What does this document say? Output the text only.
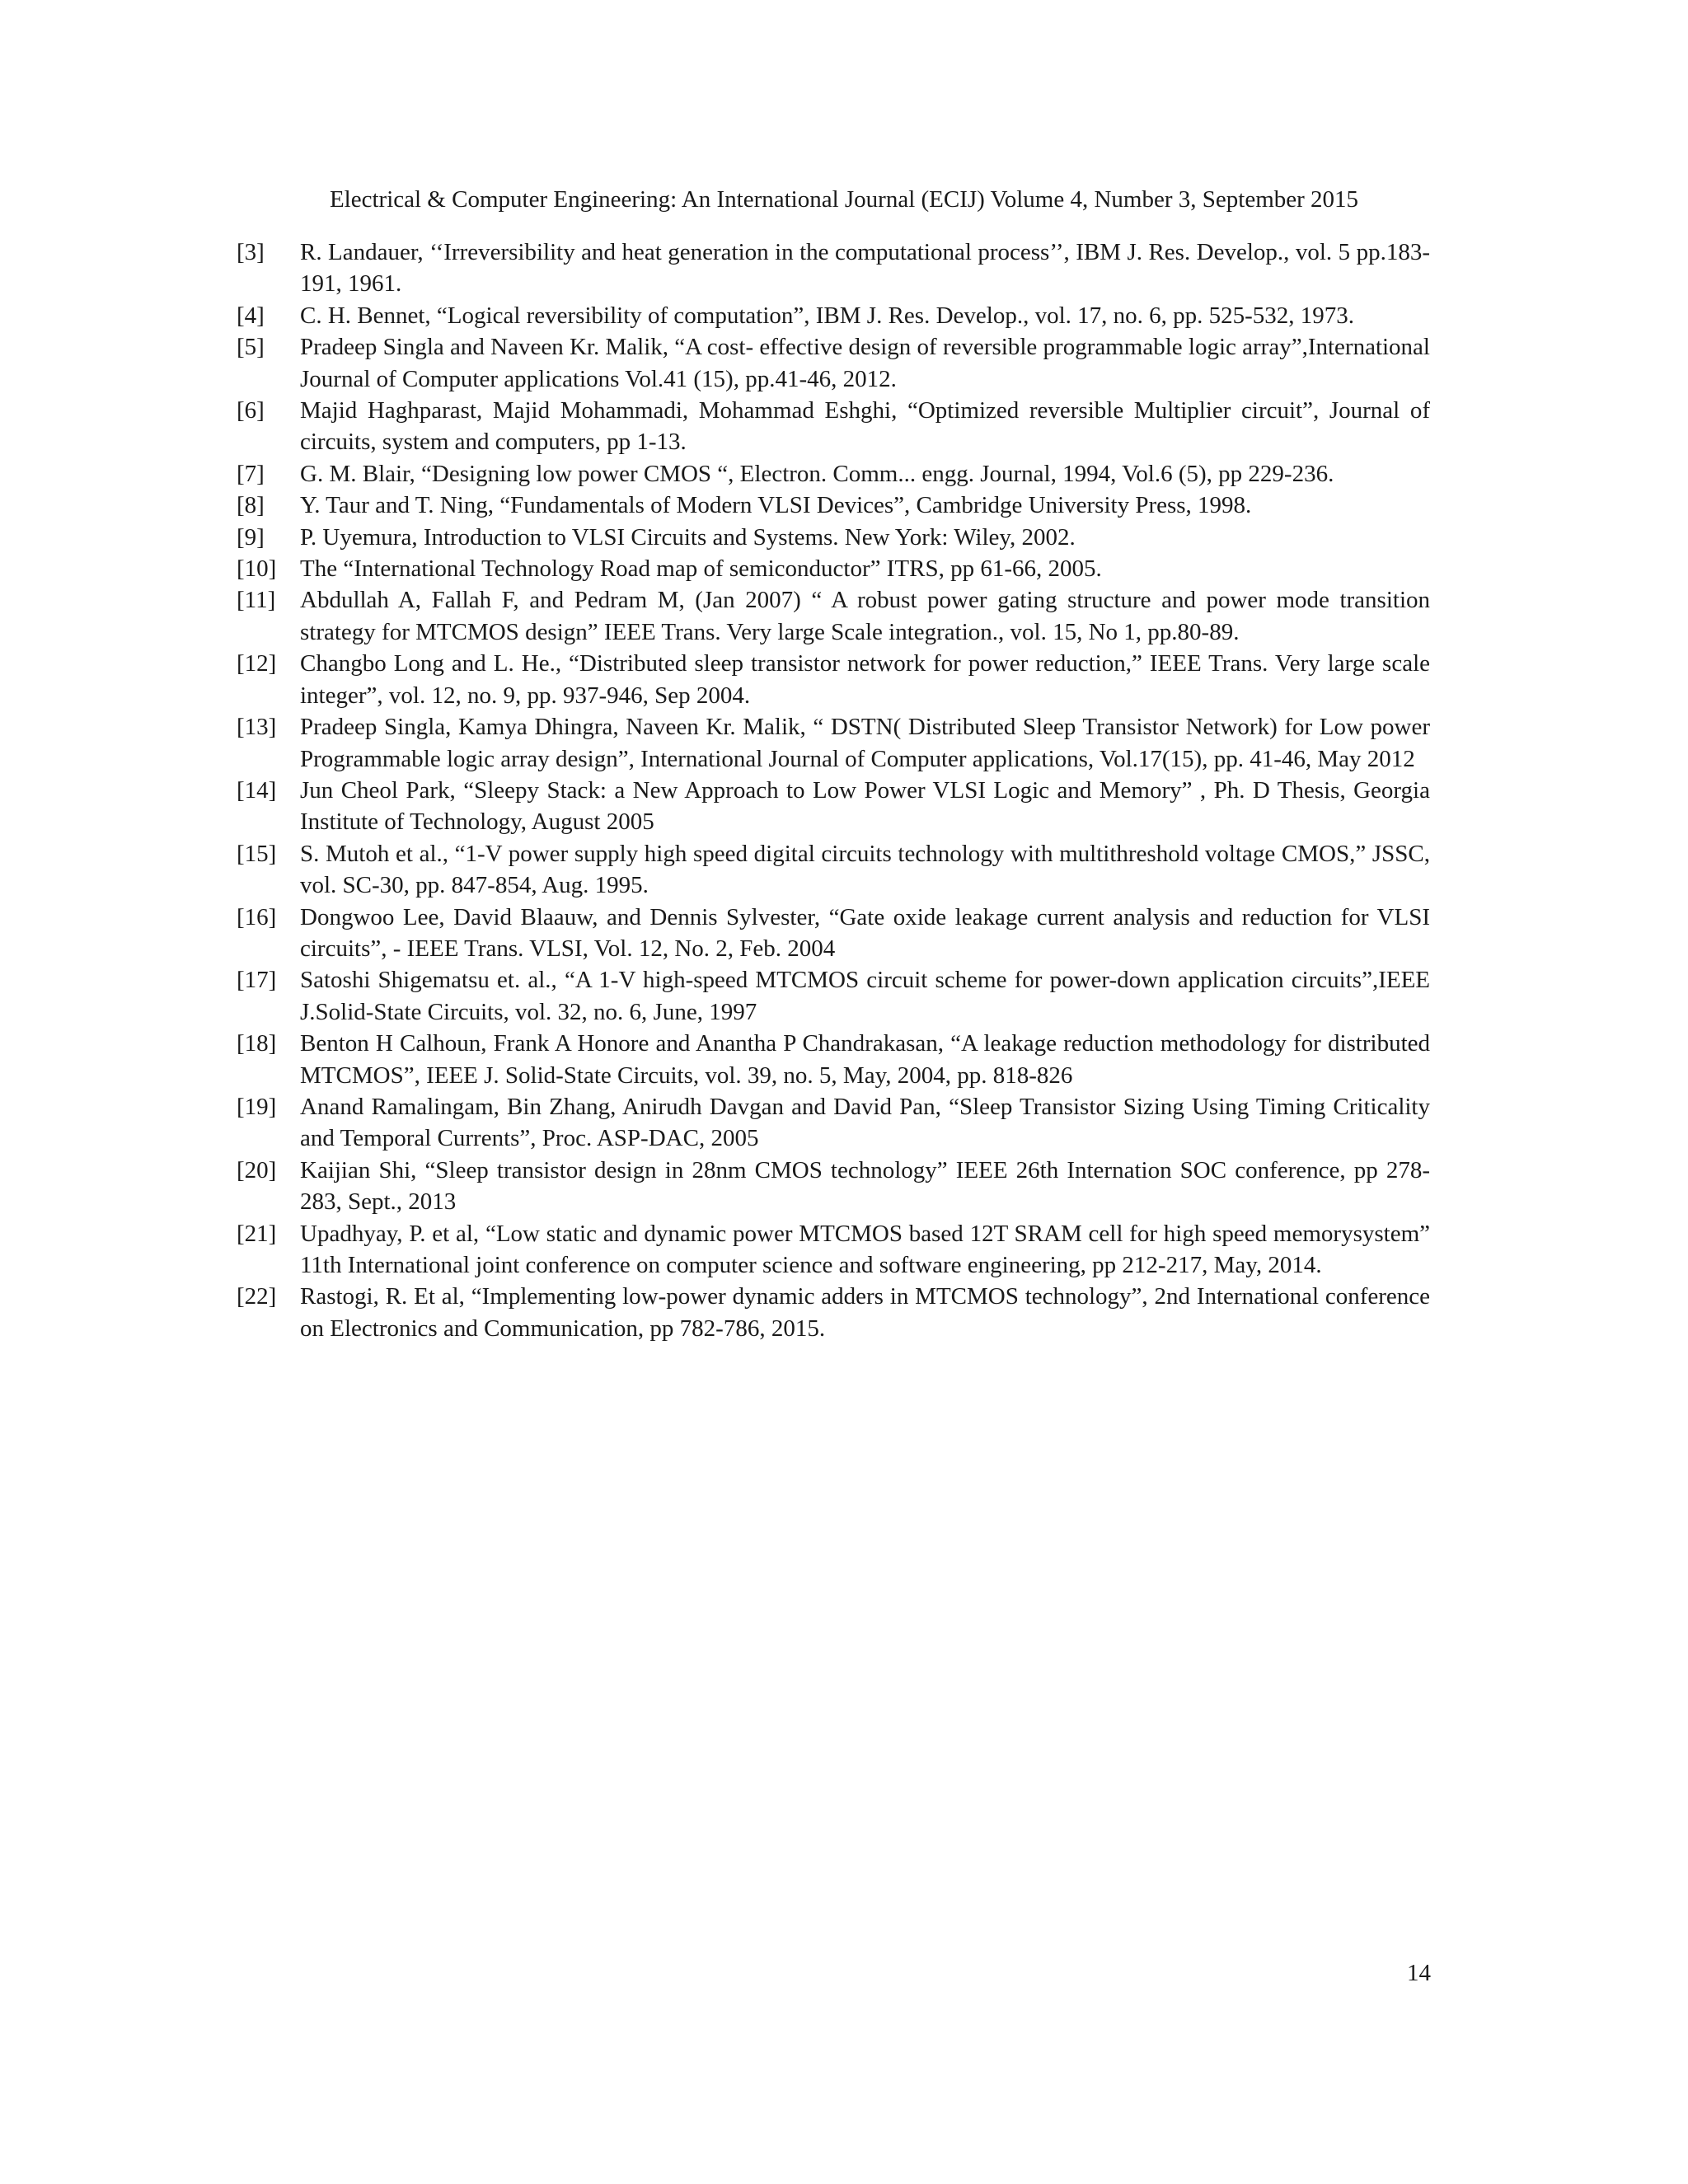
Electrical & Computer Engineering: An International Journal (ECIJ) Volume 4, Number 3, September 2015
[3] R. Landauer, ‘‘Irreversibility and heat generation in the computational process’’, IBM J. Res. Develop., vol. 5 pp.183-191, 1961.
[4] C. H. Bennet, “Logical reversibility of computation”, IBM J. Res. Develop., vol. 17, no. 6, pp. 525-532, 1973.
[5] Pradeep Singla and Naveen Kr. Malik, “A cost- effective design of reversible programmable logic array”,International Journal of Computer applications Vol.41 (15), pp.41-46, 2012.
[6] Majid Haghparast, Majid Mohammadi, Mohammad Eshghi, “Optimized reversible Multiplier circuit”, Journal of circuits, system and computers, pp 1-13.
[7] G. M. Blair, “Designing low power CMOS “, Electron. Comm... engg. Journal, 1994, Vol.6 (5), pp 229-236.
[8] Y. Taur and T. Ning, “Fundamentals of Modern VLSI Devices”, Cambridge University Press, 1998.
[9] P. Uyemura, Introduction to VLSI Circuits and Systems. New York: Wiley, 2002.
[10] The “International Technology Road map of semiconductor” ITRS, pp 61-66, 2005.
[11] Abdullah A, Fallah F, and Pedram M, (Jan 2007) “ A robust power gating structure and power mode transition strategy for MTCMOS design” IEEE Trans. Very large Scale integration., vol. 15, No 1, pp.80-89.
[12] Changbo Long and L. He., “Distributed sleep transistor network for power reduction,” IEEE Trans. Very large scale integer”, vol. 12, no. 9, pp. 937-946, Sep 2004.
[13] Pradeep Singla, Kamya Dhingra, Naveen Kr. Malik, “ DSTN( Distributed Sleep Transistor Network) for Low power Programmable logic array design”, International Journal of Computer applications, Vol.17(15), pp. 41-46, May 2012
[14] Jun Cheol Park, “Sleepy Stack: a New Approach to Low Power VLSI Logic and Memory” , Ph. D Thesis, Georgia Institute of Technology, August 2005
[15] S. Mutoh et al., “1-V power supply high speed digital circuits technology with multithreshold voltage CMOS,” JSSC, vol. SC-30, pp. 847-854, Aug. 1995.
[16] Dongwoo Lee, David Blaauw, and Dennis Sylvester, “Gate oxide leakage current analysis and reduction for VLSI circuits”, - IEEE Trans. VLSI, Vol. 12, No. 2, Feb. 2004
[17] Satoshi Shigematsu et. al., “A 1-V high-speed MTCMOS circuit scheme for power-down application circuits”,IEEE J.Solid-State Circuits, vol. 32, no. 6, June, 1997
[18] Benton H Calhoun, Frank A Honore and Anantha P Chandrakasan, “A leakage reduction methodology for distributed MTCMOS”, IEEE J. Solid-State Circuits, vol. 39, no. 5, May, 2004, pp. 818-826
[19] Anand Ramalingam, Bin Zhang, Anirudh Davgan and David Pan, “Sleep Transistor Sizing Using Timing Criticality and Temporal Currents”, Proc. ASP-DAC, 2005
[20] Kaijian Shi, “Sleep transistor design in 28nm CMOS technology” IEEE 26th Internation SOC conference, pp 278-283, Sept., 2013
[21] Upadhyay, P. et al, “Low static and dynamic power MTCMOS based 12T SRAM cell for high speed memorysystem” 11th International joint conference on computer science and software engineering, pp 212-217, May, 2014.
[22] Rastogi, R. Et al, “Implementing low-power dynamic adders in MTCMOS technology”, 2nd International conference on Electronics and Communication, pp 782-786, 2015.
14
